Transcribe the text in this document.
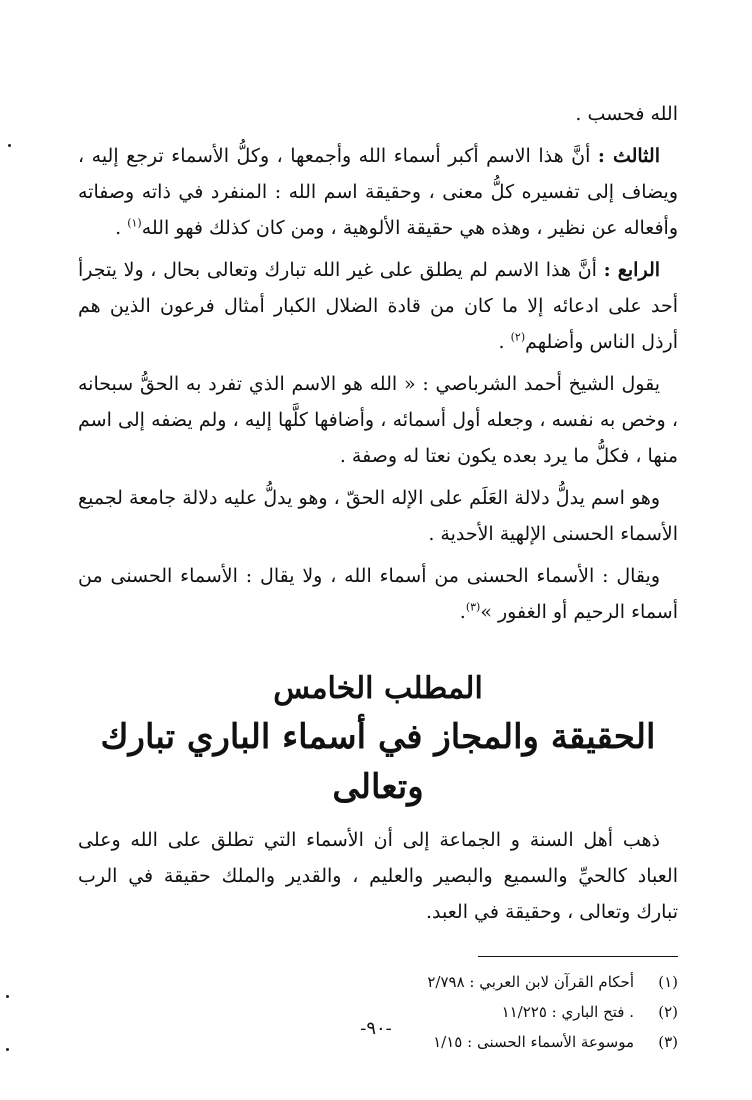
الله فحسب .

الثالث : أنَّ هذا الاسم أكبر أسماء الله وأجمعها ، وكلُّ الأسماء ترجع إليه ، ويضاف إلى تفسيره كلُّ معنى ، وحقيقة اسم الله : المنفرد في ذاته وصفاته وأفعاله عن نظير ، وهذه هي حقيقة الألوهية ، ومن كان كذلك فهو الله$^{(١)}$ .

الرابع : أنَّ هذا الاسم لم يطلق على غير الله تبارك وتعالى بحال ، ولا يتجرأ أحد على ادعائه إلا ما كان من قادة الضلال الكبار أمثال فرعون الذين هم أرذل الناس وأضلهم$^{(٢)}$ .

يقول الشيخ أحمد الشرباصي : « الله هو الاسم الذي تفرد به الحقُّ سبحانه ، وخص به نفسه ، وجعله أول أسمائه ، وأضافها كلَّها إليه ، ولم يضفه إلى اسم منها ، فكلُّ ما يرد بعده يكون نعتا له وصفة .

وهو اسم يدلُّ دلالة العَلَم على الإله الحقّ ، وهو يدلُّ عليه دلالة جامعة لجميع الأسماء الحسنى الإلهية الأحدية .

ويقال : الأسماء الحسنى من أسماء الله ، ولا يقال : الأسماء الحسنى من أسماء الرحيم أو الغفور »$^{(٣)}$.

المطلب الخامس
الحقيقة والمجاز في أسماء الباري تبارك وتعالى

ذهب أهل السنة و الجماعة إلى أن الأسماء التي تطلق على الله وعلى العباد كالحيِّ والسميع والبصير والعليم ، والقدير والملك حقيقة في الرب تبارك وتعالى ، وحقيقة في العبد.

(١)
أحكام القرآن لابن العربي : ٢/٧٩٨
(٢)
. فتح الباري : ١١/٢٢٥
(٣)
موسوعة الأسماء الحسنى : ١/١٥
-٩٠-
